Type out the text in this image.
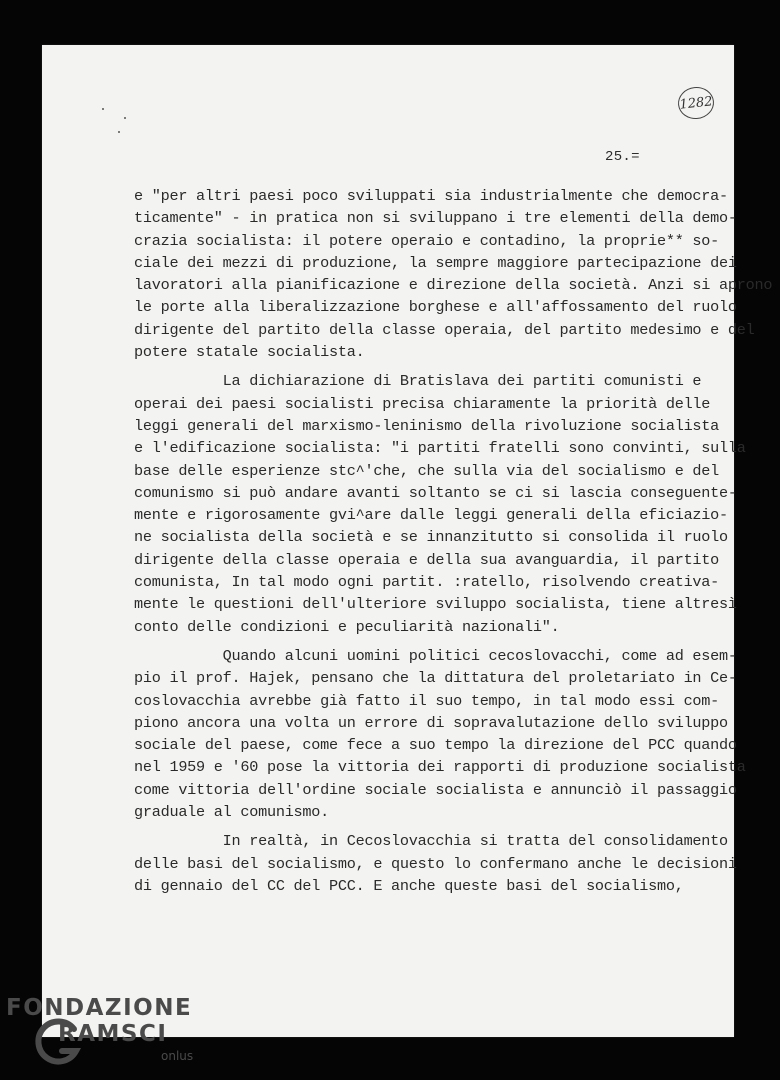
1282
25.=
e "per altri paesi poco sviluppati sia industrialmente che democra-
ticamente" - in pratica non si sviluppano i tre elementi della demo-
crazia socialista: il potere operaio e contadino, la proprie** so-
ciale dei mezzi di produzione, la sempre maggiore partecipazione dei
lavoratori alla pianificazione e direzione della società. Anzi si aprono
le porte alla liberalizzazione borghese e all'affossamento del ruolo
dirigente del partito della classe operaia, del partito medesimo e del
potere statale socialista.
La dichiarazione di Bratislava dei partiti comunisti e
operai dei paesi socialisti precisa chiaramente la priorità delle
leggi generali del marxismo-leninismo della rivoluzione socialista
e l'edificazione socialista: "i partiti fratelli sono convinti, sulla
base delle esperienze stc^'che, che sulla via del socialismo e del
comunismo si può andare avanti soltanto se ci si lascia conseguente-
mente e rigorosamente gvi^are dalle leggi generali della eficiazio-
ne socialista della società e se innanzitutto si consolida il ruolo
dirigente della classe operaia e della sua avanguardia, il partito
comunista, In tal modo ogni partit. :ratello, risolvendo creativa-
mente le questioni dell'ulteriore sviluppo socialista, tiene altresì
conto delle condizioni e peculiarità nazionali".
Quando alcuni uomini politici cecoslovacchi, come ad esem-
pio il prof. Hajek, pensano che la dittatura del proletariato in Ce-
coslovacchia avrebbe già fatto il suo tempo, in tal modo essi com-
piono ancora una volta un errore di sopravalutazione dello sviluppo
sociale del paese, come fece a suo tempo la direzione del PCC quando
nel 1959 e '60 pose la vittoria dei rapporti di produzione socialista
come vittoria dell'ordine sociale socialista e annunciò il passaggio
graduale al comunismo.
In realtà, in Cecoslovacchia si tratta del consolidamento
delle basi del socialismo, e questo lo confermano anche le decisioni
di gennaio del CC del PCC. E anche queste basi del socialismo,
FONDAZIONE
RAMSCI
onlus
